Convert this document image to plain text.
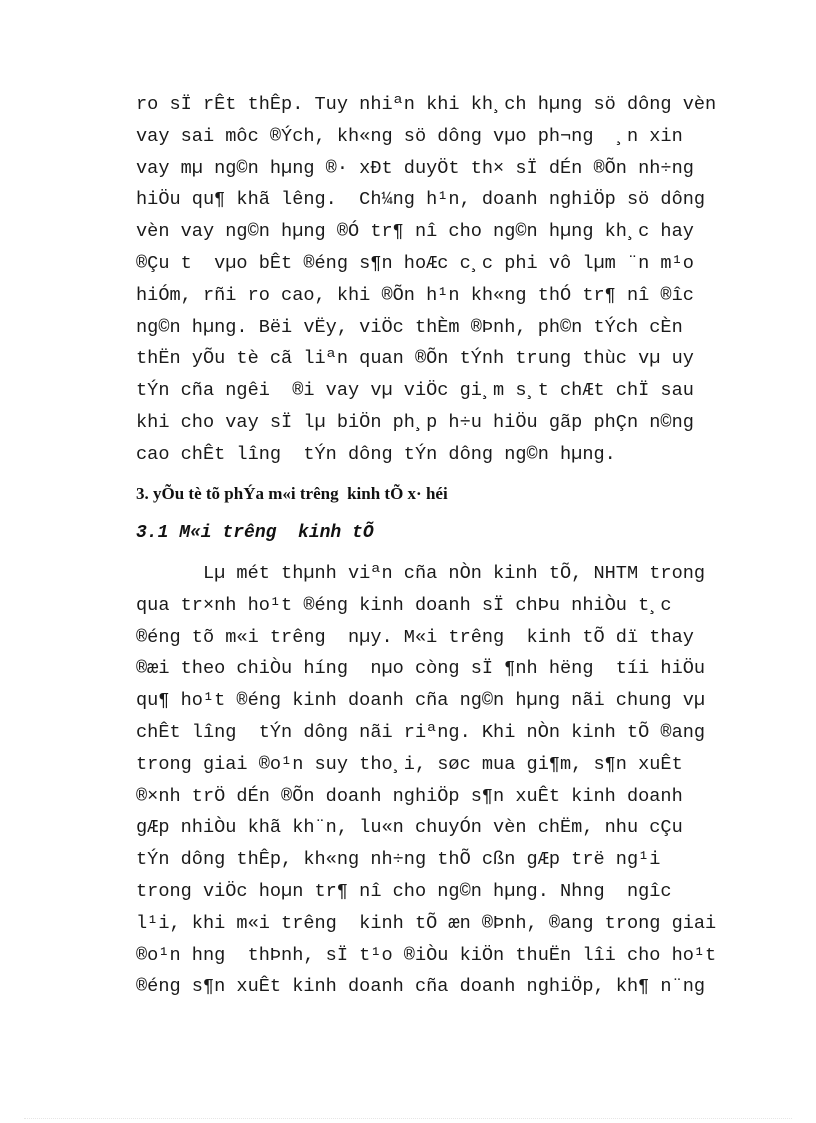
ro sÏ rÊt thÊp. Tuy nhiªn khi kh¸ch hµng sö dông vèn
vay sai môc ®Ých, kh«ng sö dông vµo ph¬ng  ¸n xin
vay mµ ng©n hµng ®· xÐt duyÖt th× sÏ dÉn ®Õn nh÷ng
hiÖu qu¶ khã lêng.  Ch¼ng h¹n, doanh nghiÖp sö dông
vèn vay ng©n hµng ®Ó tr¶ nî cho ng©n hµng kh¸c hay
®Çu t  vµo bÊt ®éng s¶n hoÆc c¸c phi vô lµm ¨n m¹o
hiÓm, rñi ro cao, khi ®Õn h¹n kh«ng thÓ tr¶ nî ®îc
ng©n hµng. Bëi vËy, viÖc thÈm ®Þnh, ph©n tÝch cÈn
thËn yÕu tè cã liªn quan ®Õn tÝnh trung thùc vµ uy
tÝn cña ngêi  ®i vay vµ viÖc gi¸m s¸t chÆt chÏ sau
khi cho vay sÏ lµ biÖn ph¸p h÷u hiÖu gãp phÇn n©ng
cao chÊt lîng  tÝn dông tÝn dông ng©n hµng.
3. yÕu tè tõ phÝa m«i trêng  kinh tÕ x· héi
3.1 M«i trêng  kinh tÕ
Lµ mét thµnh viªn cña nÒn kinh tÕ, NHTM trong
qua tr×nh ho¹t ®éng kinh doanh sÏ chÞu nhiÒu t¸c
®éng tõ m«i trêng  nµy. M«i trêng  kinh tÕ dï thay
®æi theo chiÒu híng  nµo còng sÏ ¶nh hëng  tíi hiÖu
qu¶ ho¹t ®éng kinh doanh cña ng©n hµng nãi chung vµ
chÊt lîng  tÝn dông nãi riªng. Khi nÒn kinh tÕ ®ang
trong giai ®o¹n suy tho¸i, søc mua gi¶m, s¶n xuÊt
®×nh trÖ dÉn ®Õn doanh nghiÖp s¶n xuÊt kinh doanh
gÆp nhiÒu khã kh¨n, lu«n chuyÓn vèn chËm, nhu cÇu
tÝn dông thÊp, kh«ng nh÷ng thÕ cßn gÆp trë ng¹i
trong viÖc hoµn tr¶ nî cho ng©n hµng. Nhng  ngîc
l¹i, khi m«i trêng  kinh tÕ æn ®Þnh, ®ang trong giai
®o¹n hng  thÞnh, sÏ t¹o ®iÒu kiÖn thuËn lîi cho ho¹t
®éng s¶n xuÊt kinh doanh cña doanh nghiÖp, kh¶ n¨ng
